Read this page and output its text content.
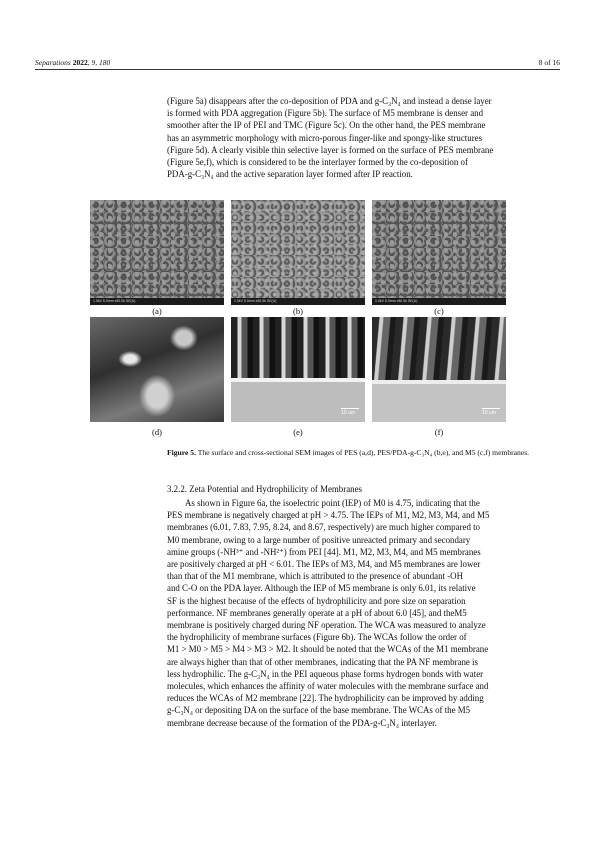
Separations 2022, 9, 180	8 of 16

(Figure 5a) disappears after the co-deposition of PDA and g-C₃N₄ and instead a dense layer

is formed with PDA aggregation (Figure 5b). The surface of M5 membrane is denser and

smoother after the IP of PEI and TMC (Figure 5c). On the other hand, the PES membrane

has an asymmetric morphology with micro-porous finger-like and spongy-like structures

(Figure 5d). A clearly visible thin selective layer is formed on the surface of PES membrane

(Figure 5e,f), which is considered to be the interlayer formed by the co-deposition of

PDA-g-C₃N₄ and the active separation layer formed after IP reaction.

1.0kV 5.0mm x50.0k SE(U)	1.0kV 5.0mm x50.0k SE(U)	1.0kV 5.0mm x50.0k SE(U)
(a)	(b)	(c)
10 um	10 um
(d)	(e)	(f)
Figure 5. The surface and cross-sectional SEM images of PES (a,d), PES/PDA-g-C₃N₄ (b,e), and M5 (c,f) membranes.
3.2.2. Zeta Potential and Hydrophilicity of Membranes

As shown in Figure 6a, the isoelectric point (IEP) of M0 is 4.75, indicating that the

PES membrane is negatively charged at pH > 4.75. The IEPs of M1, M2, M3, M4, and M5

membranes (6.01, 7.83, 7.95, 8.24, and 8.67, respectively) are much higher compared to

M0 membrane, owing to a large number of positive unreacted primary and secondary

amine groups (-NH³⁺ and -NH²⁺) from PEI [44]. M1, M2, M3, M4, and M5 membranes

are positively charged at pH < 6.01. The IEPs of M3, M4, and M5 membranes are lower

than that of the M1 membrane, which is attributed to the presence of abundant -OH

and C-O on the PDA layer. Although the IEP of M5 membrane is only 6.01, its relative

SF is the highest because of the effects of hydrophilicity and pore size on separation

performance. NF membranes generally operate at a pH of about 6.0 [45], and theM5

membrane is positively charged during NF operation. The WCA was measured to analyze

the hydrophilicity of membrane surfaces (Figure 6b). The WCAs follow the order of

M1 > M0 > M5 > M4 > M3 > M2. It should be noted that the WCAs of the M1 membrane

are always higher than that of other membranes, indicating that the PA NF membrane is

less hydrophilic. The g-C₃N₄ in the PEI aqueous phase forms hydrogen bonds with water

molecules, which enhances the affinity of water molecules with the membrane surface and

reduces the WCAs of M2 membrane [22]. The hydrophilicity can be improved by adding

g-C₃N₄ or depositing DA on the surface of the base membrane. The WCAs of the M5

membrane decrease because of the formation of the PDA-g-C₃N₄ interlayer.
